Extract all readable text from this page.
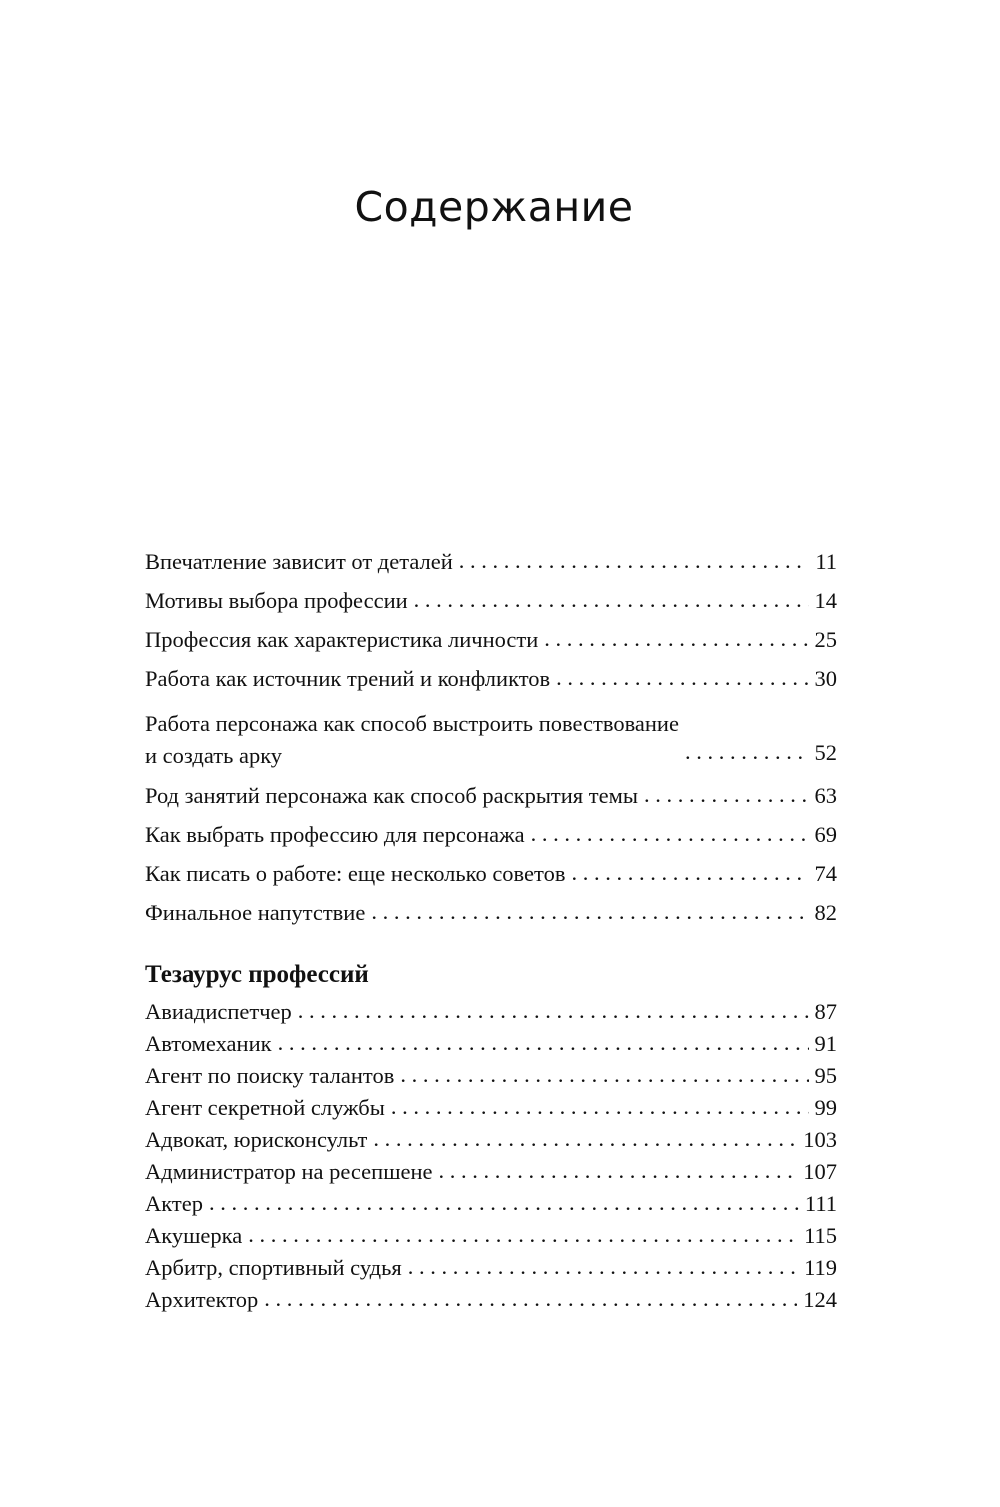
Содержание
Впечатление зависит от деталей . . .	11
Мотивы выбора профессии . . .	14
Профессия как характеристика личности . . .	25
Работа как источник трений и конфликтов . . .	30
Работа персонажа как способ выстроить повествование
и создать арку . . .	52
Род занятий персонажа как способ раскрытия темы . . .	63
Как выбрать профессию для персонажа . . .	69
Как писать о работе: еще несколько советов . . .	74
Финальное напутствие . . .	82
Тезаурус профессий
Авиадиспетчер . . .	87
Автомеханик . . .	91
Агент по поиску талантов . . .	95
Агент секретной службы . . .	99
Адвокат, юрисконсульт . . .	103
Администратор на ресепшене . . .	107
Актер . . .	111
Акушерка . . .	115
Арбитр, спортивный судья . . .	119
Архитектор . . .	124
